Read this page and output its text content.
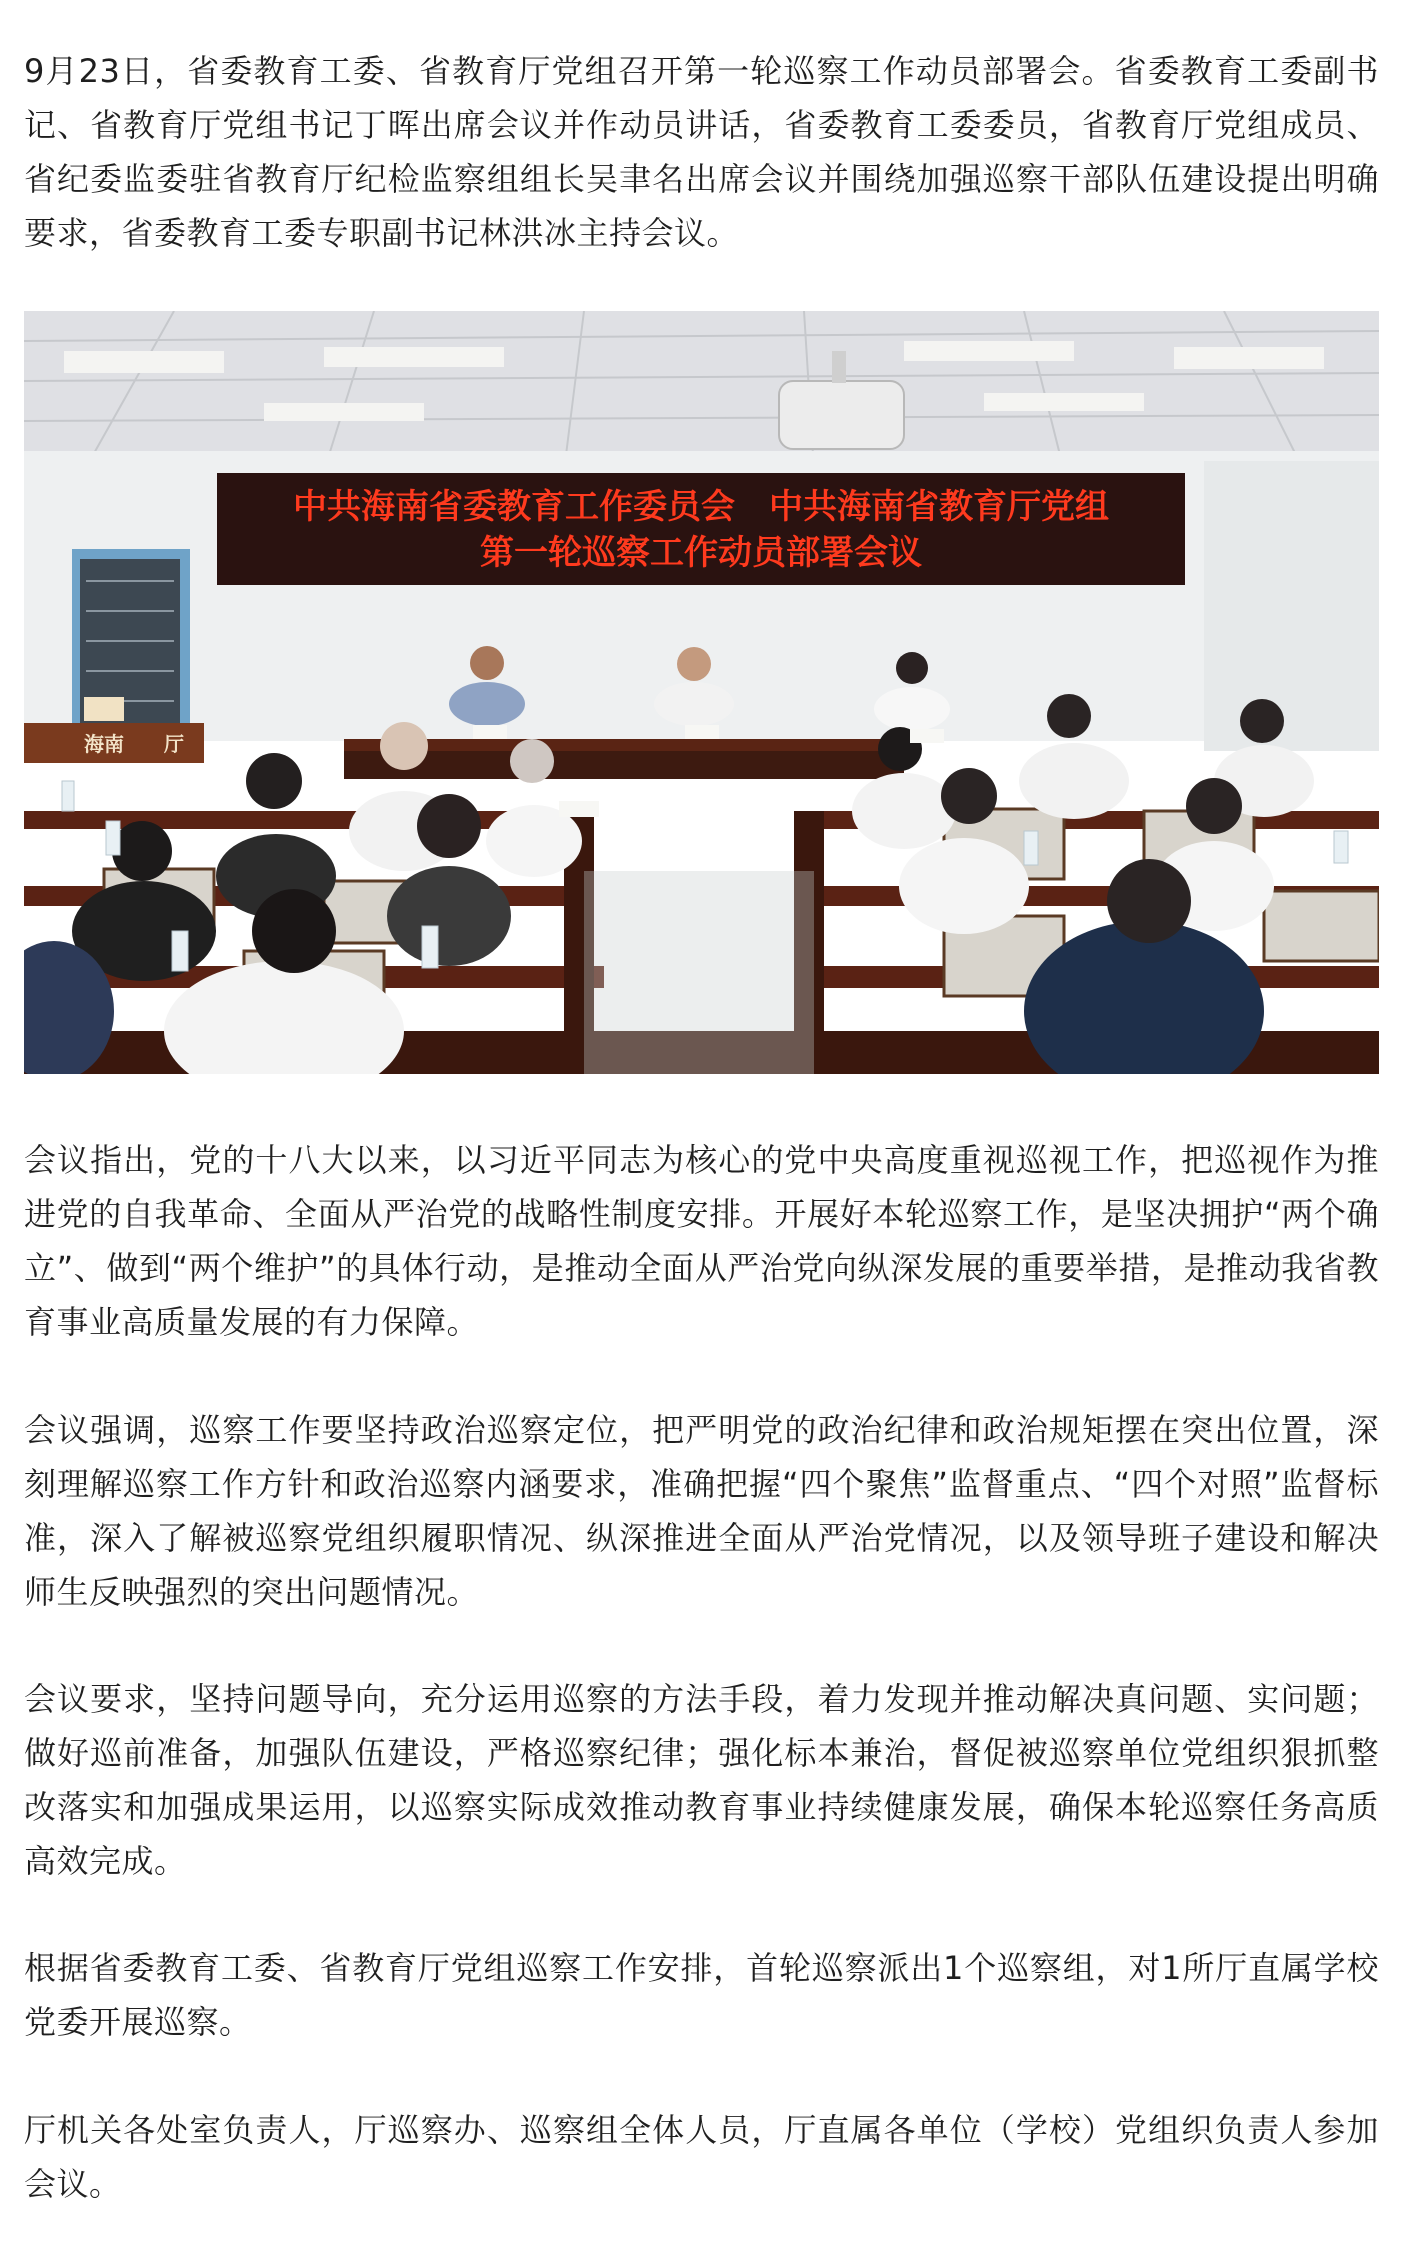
9月23日，省委教育工委、省教育厅党组召开第一轮巡察工作动员部署会。省委教育工委副书记、省教育厅党组书记丁晖出席会议并作动员讲话，省委教育工委委员，省教育厅党组成员、省纪委监委驻省教育厅纪检监察组组长吴聿名出席会议并围绕加强巡察干部队伍建设提出明确要求，省委教育工委专职副书记林洪冰主持会议。

中共海南省委教育工作委员会　中共海南省教育厅党组
第一轮巡察工作动员部署会议
海南　　厅

会议指出，党的十八大以来，以习近平同志为核心的党中央高度重视巡视工作，把巡视作为推进党的自我革命、全面从严治党的战略性制度安排。开展好本轮巡察工作，是坚决拥护“两个确立”、做到“两个维护”的具体行动，是推动全面从严治党向纵深发展的重要举措，是推动我省教育事业高质量发展的有力保障。

会议强调，巡察工作要坚持政治巡察定位，把严明党的政治纪律和政治规矩摆在突出位置，深刻理解巡察工作方针和政治巡察内涵要求，准确把握“四个聚焦”监督重点、“四个对照”监督标准，深入了解被巡察党组织履职情况、纵深推进全面从严治党情况，以及领导班子建设和解决师生反映强烈的突出问题情况。

会议要求，坚持问题导向，充分运用巡察的方法手段，着力发现并推动解决真问题、实问题；做好巡前准备，加强队伍建设，严格巡察纪律；强化标本兼治，督促被巡察单位党组织狠抓整改落实和加强成果运用，以巡察实际成效推动教育事业持续健康发展，确保本轮巡察任务高质高效完成。

根据省委教育工委、省教育厅党组巡察工作安排，首轮巡察派出1个巡察组，对1所厅直属学校党委开展巡察。

厅机关各处室负责人，厅巡察办、巡察组全体人员，厅直属各单位（学校）党组织负责人参加会议。
